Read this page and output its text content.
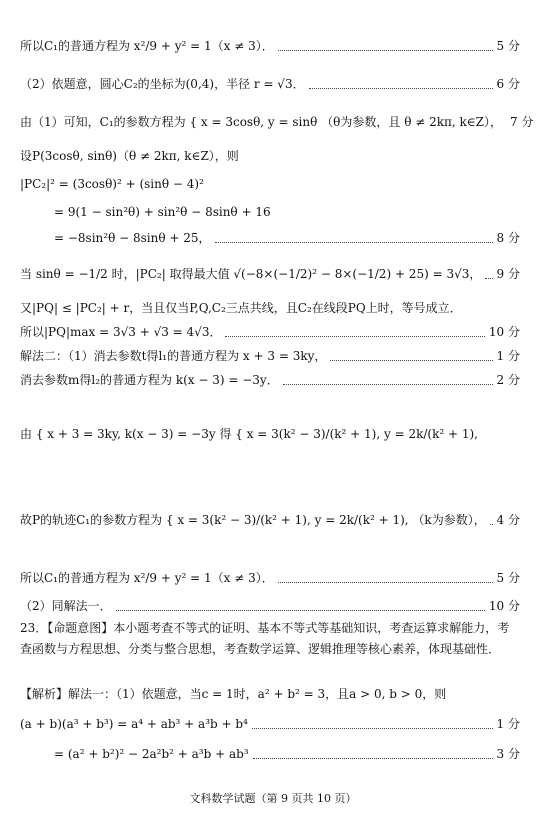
所以C₁的普通方程为 x²/9 + y² = 1（x ≠ 3）．	5 分
（2）依题意，圆心C₂的坐标为(0,4)，半径 r = √3．	6 分
由（1）可知，C₁的参数方程为 { x = 3cosθ, y = sinθ （θ为参数，且 θ ≠ 2kπ, k∈Z）， 7 分
设P(3cosθ, sinθ)（θ ≠ 2kπ, k∈Z），则
|PC₂|² = (3cosθ)² + (sinθ − 4)²
= 9(1 − sin²θ) + sin²θ − 8sinθ + 16
= −8sin²θ − 8sinθ + 25，	8 分
当 sinθ = −1/2 时，|PC₂| 取得最大值 √(−8×(−1/2)² − 8×(−1/2) + 25) = 3√3， 9 分
又|PQ| ≤ |PC₂| + r，当且仅当P,Q,C₂三点共线，且C₂在线段PQ上时，等号成立．
所以|PQ|max = 3√3 + √3 = 4√3．	10 分
解法二：（1）消去参数t得l₁的普通方程为 x + 3 = 3ky，	1 分
消去参数m得l₂的普通方程为 k(x − 3) = −3y．	2 分
由 { x + 3 = 3ky, k(x − 3) = −3y 得 { x = 3(k² − 3)/(k² + 1), y = 2k/(k² + 1),
故P的轨迹C₁的参数方程为 { x = 3(k² − 3)/(k² + 1), y = 2k/(k² + 1), （k为参数）， 4 分
所以C₁的普通方程为 x²/9 + y² = 1（x ≠ 3）．	5 分
（2）同解法一．	10 分
23．【命题意图】本小题考查不等式的证明、基本不等式等基础知识，考查运算求解能力，考查函数与方程思想、分类与整合思想，考查数学运算、逻辑推理等核心素养，体现基础性．
【解析】解法一：（1）依题意，当c = 1时，a² + b² = 3，且a > 0, b > 0，则
(a + b)(a³ + b³) = a⁴ + ab³ + a³b + b⁴	1 分
= (a² + b²)² − 2a²b² + a³b + ab³	3 分
文科数学试题（第 9 页共 10 页）
